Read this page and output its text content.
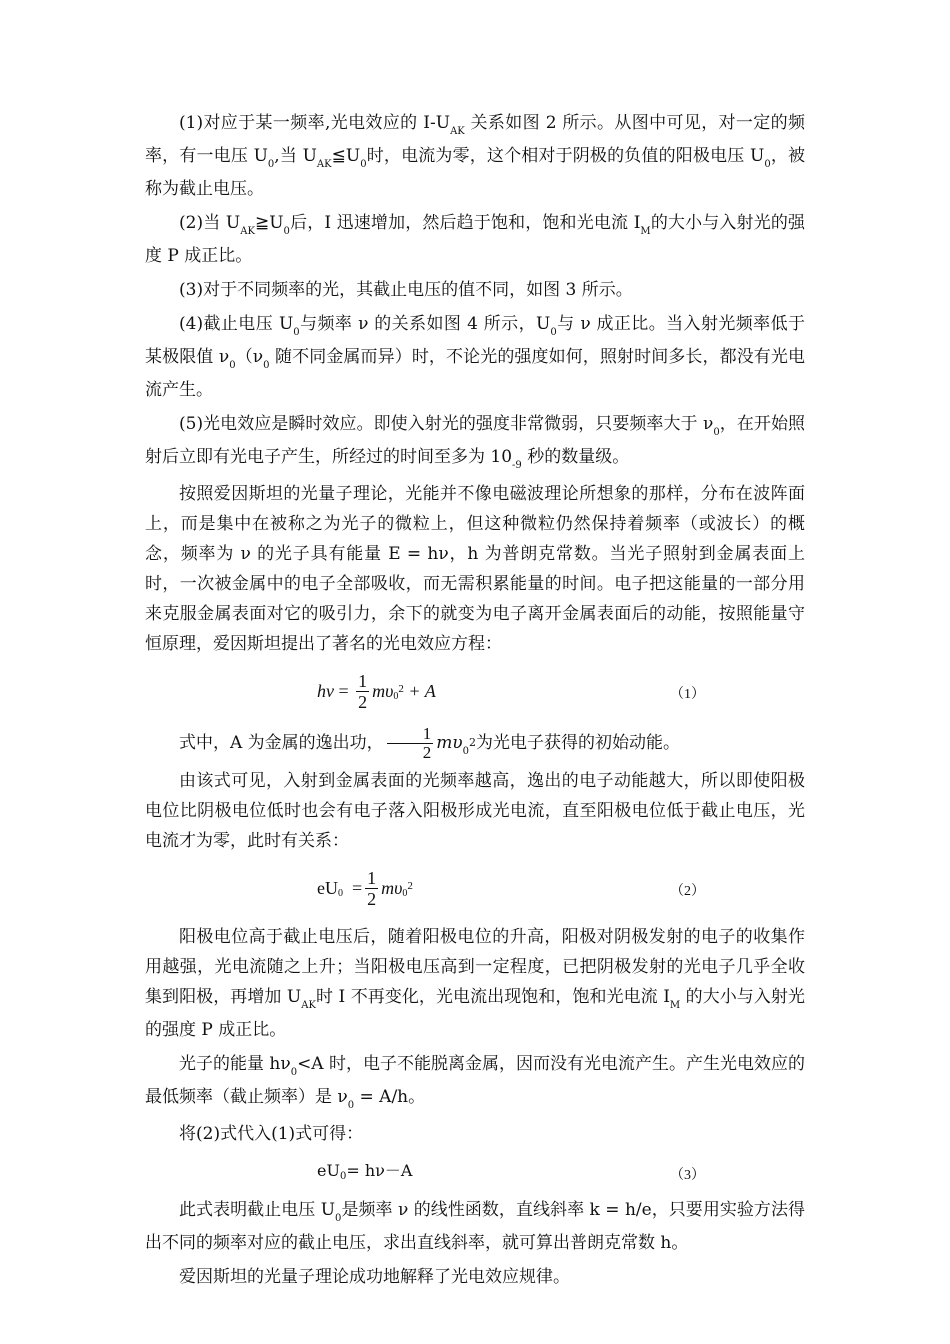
(1)对应于某一频率,光电效应的 $I-U_{AK}$ 关系如图 2 所示。从图中可见，对一定的频率，有一电压 $U_0$,当 $U_{AK}≦U_0$时，电流为零，这个相对于阴极的负值的阳极电压 $U_0$，被称为截止电压。

(2)当 $U_{AK}≧U_0$后，I 迅速增加，然后趋于饱和，饱和光电流 $I_M$的大小与入射光的强度 P 成正比。

(3)对于不同频率的光，其截止电压的值不同，如图 3 所示。

(4)截止电压 $U_0$与频率 ν 的关系如图 4 所示，$U_0$与 ν 成正比。当入射光频率低于某极限值 $\nu_0(\nu_0$ 随不同金属而异）时，不论光的强度如何，照射时间多长，都没有光电流产生。

(5)光电效应是瞬时效应。即使入射光的强度非常微弱，只要频率大于 $\nu_0$，在开始照射后立即有光电子产生，所经过的时间至多为 $10_{-9}$ 秒的数量级。

按照爱因斯坦的光量子理论，光能并不像电磁波理论所想象的那样，分布在波阵面上，而是集中在被称之为光子的微粒上，但这种微粒仍然保持着频率（或波长）的概念，频率为 ν 的光子具有能量 E = hν，h 为普朗克常数。当光子照射到金属表面上时，一次被金属中的电子全部吸收，而无需积累能量的时间。电子把这能量的一部分用来克服金属表面对它的吸引力，余下的就变为电子离开金属表面后的动能，按照能量守恒原理，爱因斯坦提出了著名的光电效应方程：

hν
=
$\frac{1}{2}$ mυ 0
2
+ A	（1）

式中，A 为金属的逸出功， $\frac{1}{2} m\upsilon_02$为光电子获得的初始动能。

由该式可见，入射到金属表面的光频率越高，逸出的电子动能越大，所以即使阳极电位比阴极电位低时也会有电子落入阳极形成光电流，直至阳极电位低于截止电压，光电流才为零，此时有关系：

eU 0
= $\frac{1}{2}$ mυ 0
2	（2）

阳极电位高于截止电压后，随着阳极电位的升高，阳极对阴极发射的电子的收集作用越强，光电流随之上升；当阳极电压高到一定程度，已把阴极发射的光电子几乎全收集到阳极，再增加 $U_{AK}$时 I 不再变化，光电流出现饱和，饱和光电流 $I_M$ 的大小与入射光的强度 P 成正比。

光子的能量 $h\nu_0<A$ 时，电子不能脱离金属，因而没有光电流产生。产生光电效应的最低频率（截止频率）是 $\nu_0 = A/h$。

将(2)式代入(1)式可得：

eU 0 = hν－A	（3）

此式表明截止电压 $U_0$是频率 ν 的线性函数，直线斜率 k = h/e，只要用实验方法得出不同的频率对应的截止电压，求出直线斜率，就可算出普朗克常数 h。

爱因斯坦的光量子理论成功地解释了光电效应规律。
